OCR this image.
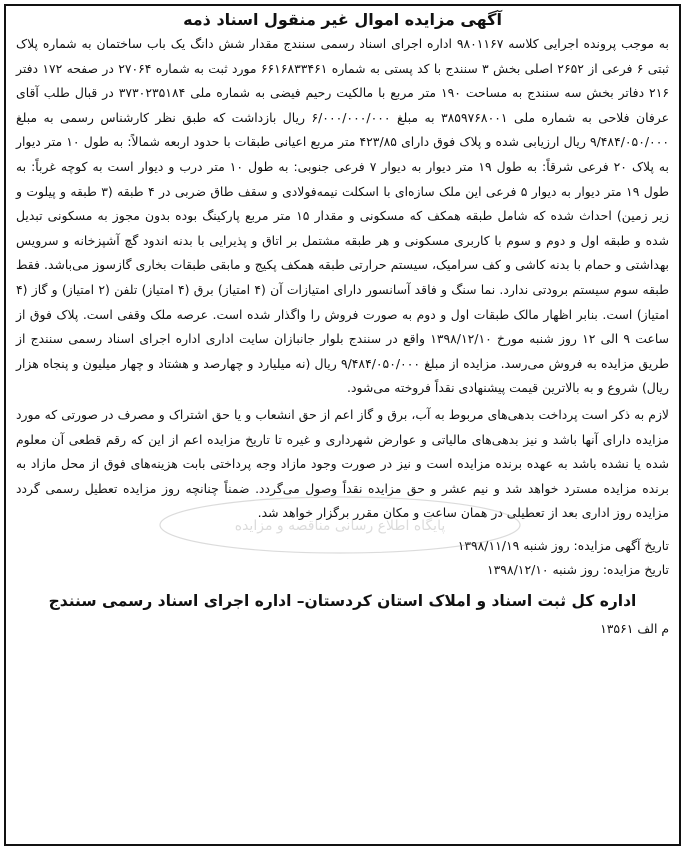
آگهی مزایده اموال غیر منقول اسناد ذمه

به موجب پرونده اجرایی کلاسه ۹۸۰۱۱۶۷ اداره اجرای اسناد رسمی سنندج مقدار شش دانگ یک باب ساختمان به شماره پلاک ثبتی ۶ فرعی از ۲۶۵۲ اصلی بخش ۳ سنندج با کد پستی به شماره ۶۶۱۶۸۳۳۴۶۱ مورد ثبت به شماره ۲۷۰۶۴ در صفحه ۱۷۲ دفتر ۲۱۶ دفاتر بخش سه سنندج به مساحت ۱۹۰ متر مربع با مالکیت رحیم فیضی به شماره ملی ۳۷۳۰۲۳۵۱۸۴ در قبال طلب آقای عرفان فلاحی به شماره ملی ۳۸۵۹۷۶۸۰۰۱ به مبلغ ۶/۰۰۰/۰۰۰/۰۰۰ ریال بازداشت که طبق نظر کارشناس رسمی به مبلغ ۹/۴۸۴/۰۵۰/۰۰۰ ریال ارزیابی شده و پلاک فوق دارای ۴۲۳/۸۵ متر مربع اعیانی طبقات با حدود اربعه شمالاً: به طول ۱۰ متر دیوار به پلاک ۲۰ فرعی شرقاً: به طول ۱۹ متر دیوار به دیوار ۷ فرعی جنوبی: به طول ۱۰ متر درب و دیوار است به کوچه غرباً: به طول ۱۹ متر دیوار به دیوار ۵ فرعی این ملک سازه‌ای با اسکلت نیمه‌فولادی و سقف طاق ضربی در ۴ طبقه (۳ طبقه و پیلوت و زیر زمین) احداث شده که شامل طبقه همکف که مسکونی و مقدار ۱۵ متر مربع پارکینگ بوده بدون مجوز به مسکونی تبدیل شده و طبقه اول و دوم و سوم با کاربری مسکونی و هر طبقه مشتمل بر اتاق و پذیرایی با بدنه اندود گچ آشپزخانه و سرویس بهداشتی و حمام با بدنه کاشی و کف سرامیک، سیستم حرارتی طبقه همکف پکیج و مابقی طبقات بخاری گازسوز می‌باشد. فقط طبقه سوم سیستم برودتی ندارد. نما سنگ و فاقد آسانسور دارای امتیازات آن (۴ امتیاز) برق (۴ امتیاز) تلفن (۲ امتیاز) و گاز (۴ امتیاز) است. بنابر اظهار مالک طبقات اول و دوم به صورت فروش را واگذار شده است. عرصه ملک وقفی است. پلاک فوق از ساعت ۹ الی ۱۲ روز شنبه مورخ ۱۳۹۸/۱۲/۱۰ واقع در سنندج بلوار جانبازان سایت اداری اداره اجرای اسناد رسمی سنندج از طریق مزایده به فروش می‌رسد. مزایده از مبلغ ۹/۴۸۴/۰۵۰/۰۰۰ ریال (نه میلیارد و چهارصد و هشتاد و چهار میلیون و پنجاه هزار ریال) شروع و به بالاترین قیمت پیشنهادی نقداً فروخته می‌شود.

لازم به ذکر است پرداخت بدهی‌های مربوط به آب، برق و گاز اعم از حق انشعاب و یا حق اشتراک و مصرف در صورتی که مورد مزایده دارای آنها باشد و نیز بدهی‌های مالیاتی و عوارض شهرداری و غیره تا تاریخ مزایده اعم از این که رقم قطعی آن معلوم شده یا نشده باشد به عهده برنده مزایده است و نیز در صورت وجود مازاد وجه پرداختی بابت هزینه‌های فوق از محل مازاد به برنده مزایده مسترد خواهد شد و نیم عشر و حق مزایده نقداً وصول می‌گردد. ضمناً چنانچه روز مزایده تعطیل رسمی گردد مزایده روز اداری بعد از تعطیلی در همان ساعت و مکان مقرر برگزار خواهد شد.

تاریخ آگهی مزایده: روز شنبه ۱۳۹۸/۱۱/۱۹
تاریخ مزایده: روز شنبه ۱۳۹۸/۱۲/۱۰
اداره کل ثبت اسناد و املاک استان کردستان– اداره اجرای اسناد رسمی سنندج
م الف ۱۳۵۶۱
پایگاه اطلاع رسانی مناقصه و مزایده
